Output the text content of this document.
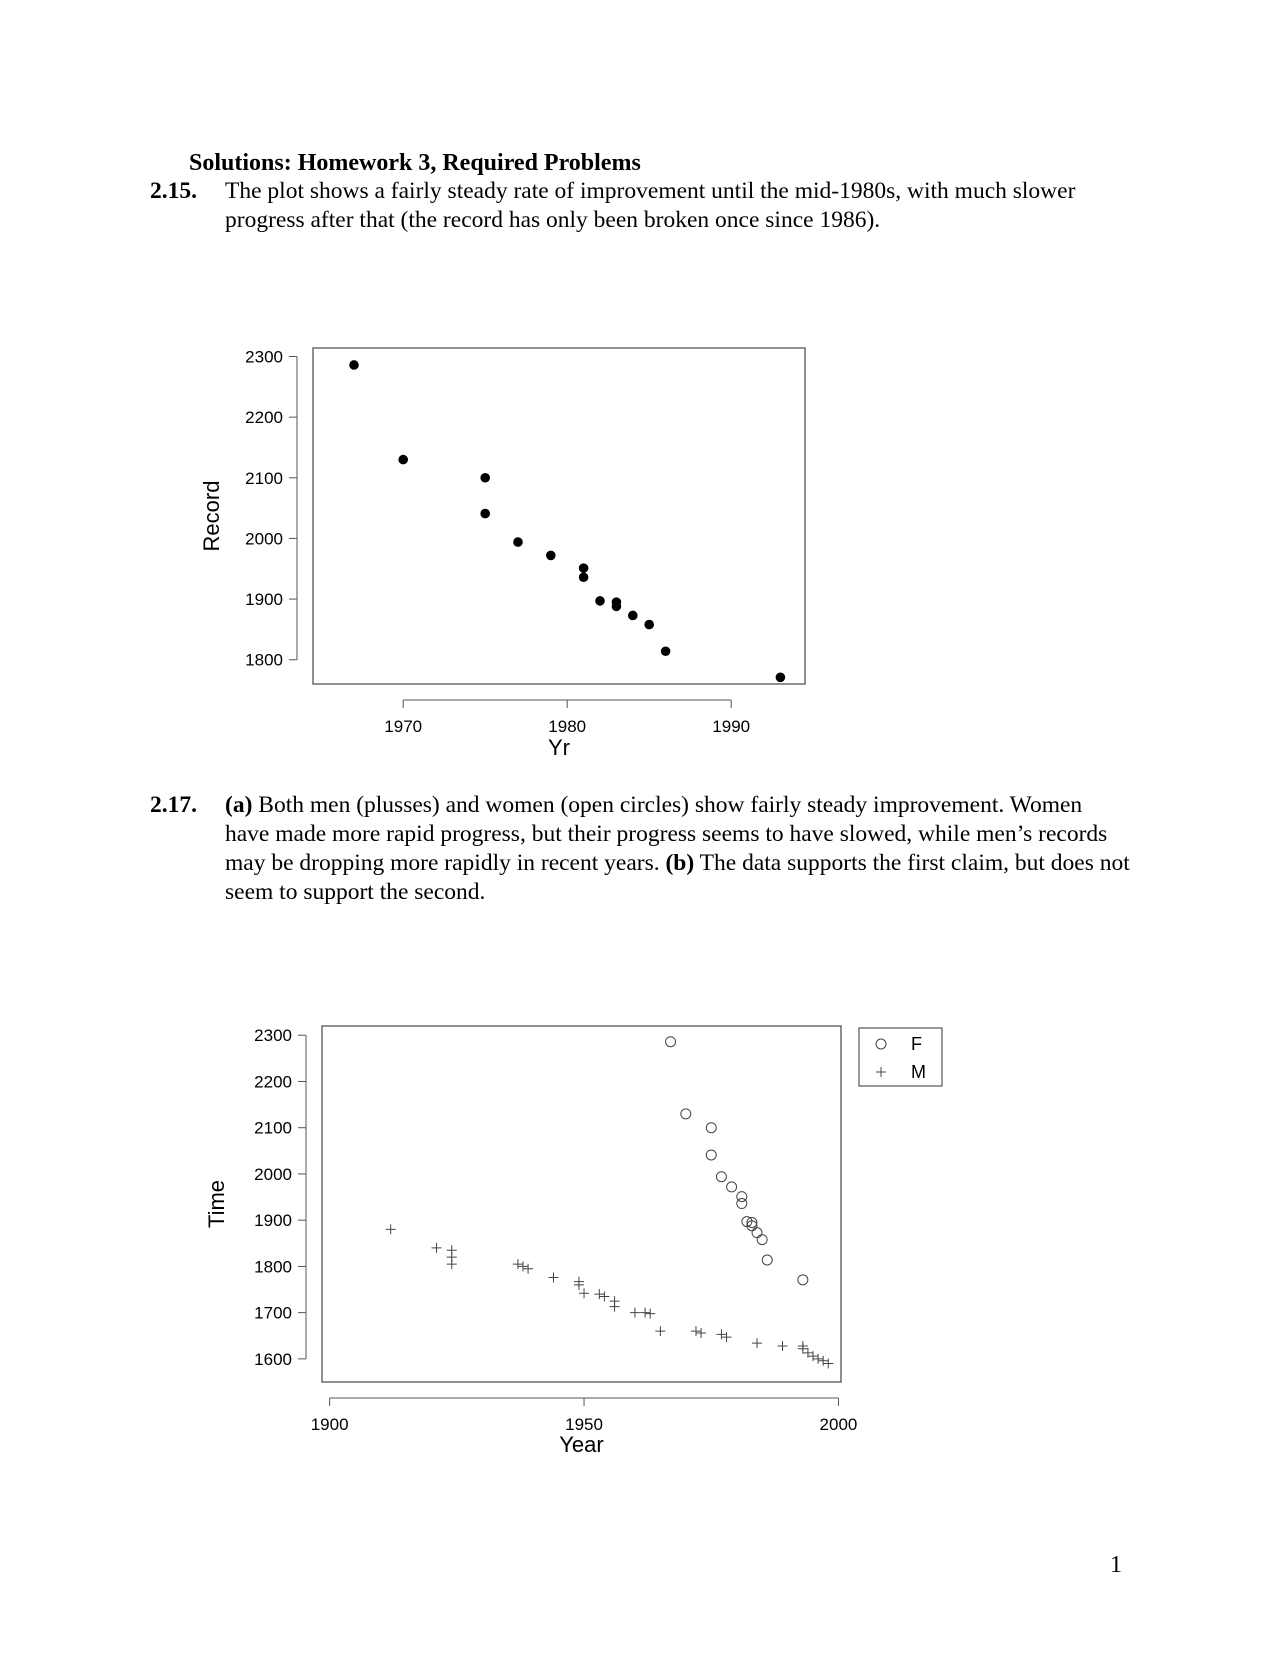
Solutions: Homework 3, Required Problems
2.15. The plot shows a fairly steady rate of improvement until the mid-1980s, with much slower progress after that (the record has only been broken once since 1986).
1800
1900
2000
2100
2200
2300
1970	1980	1990
Yr
Record
2.17. (a) Both men (plusses) and women (open circles) show fairly steady improvement. Women have made more rapid progress, but their progress seems to have slowed, while men’s records may be dropping more rapidly in recent years. (b) The data supports the first claim, but does not seem to support the second.
1600
1700
1800
1900
2000
2100
2200
2300
1900	1950	2000
Year
Time
F
M
1
